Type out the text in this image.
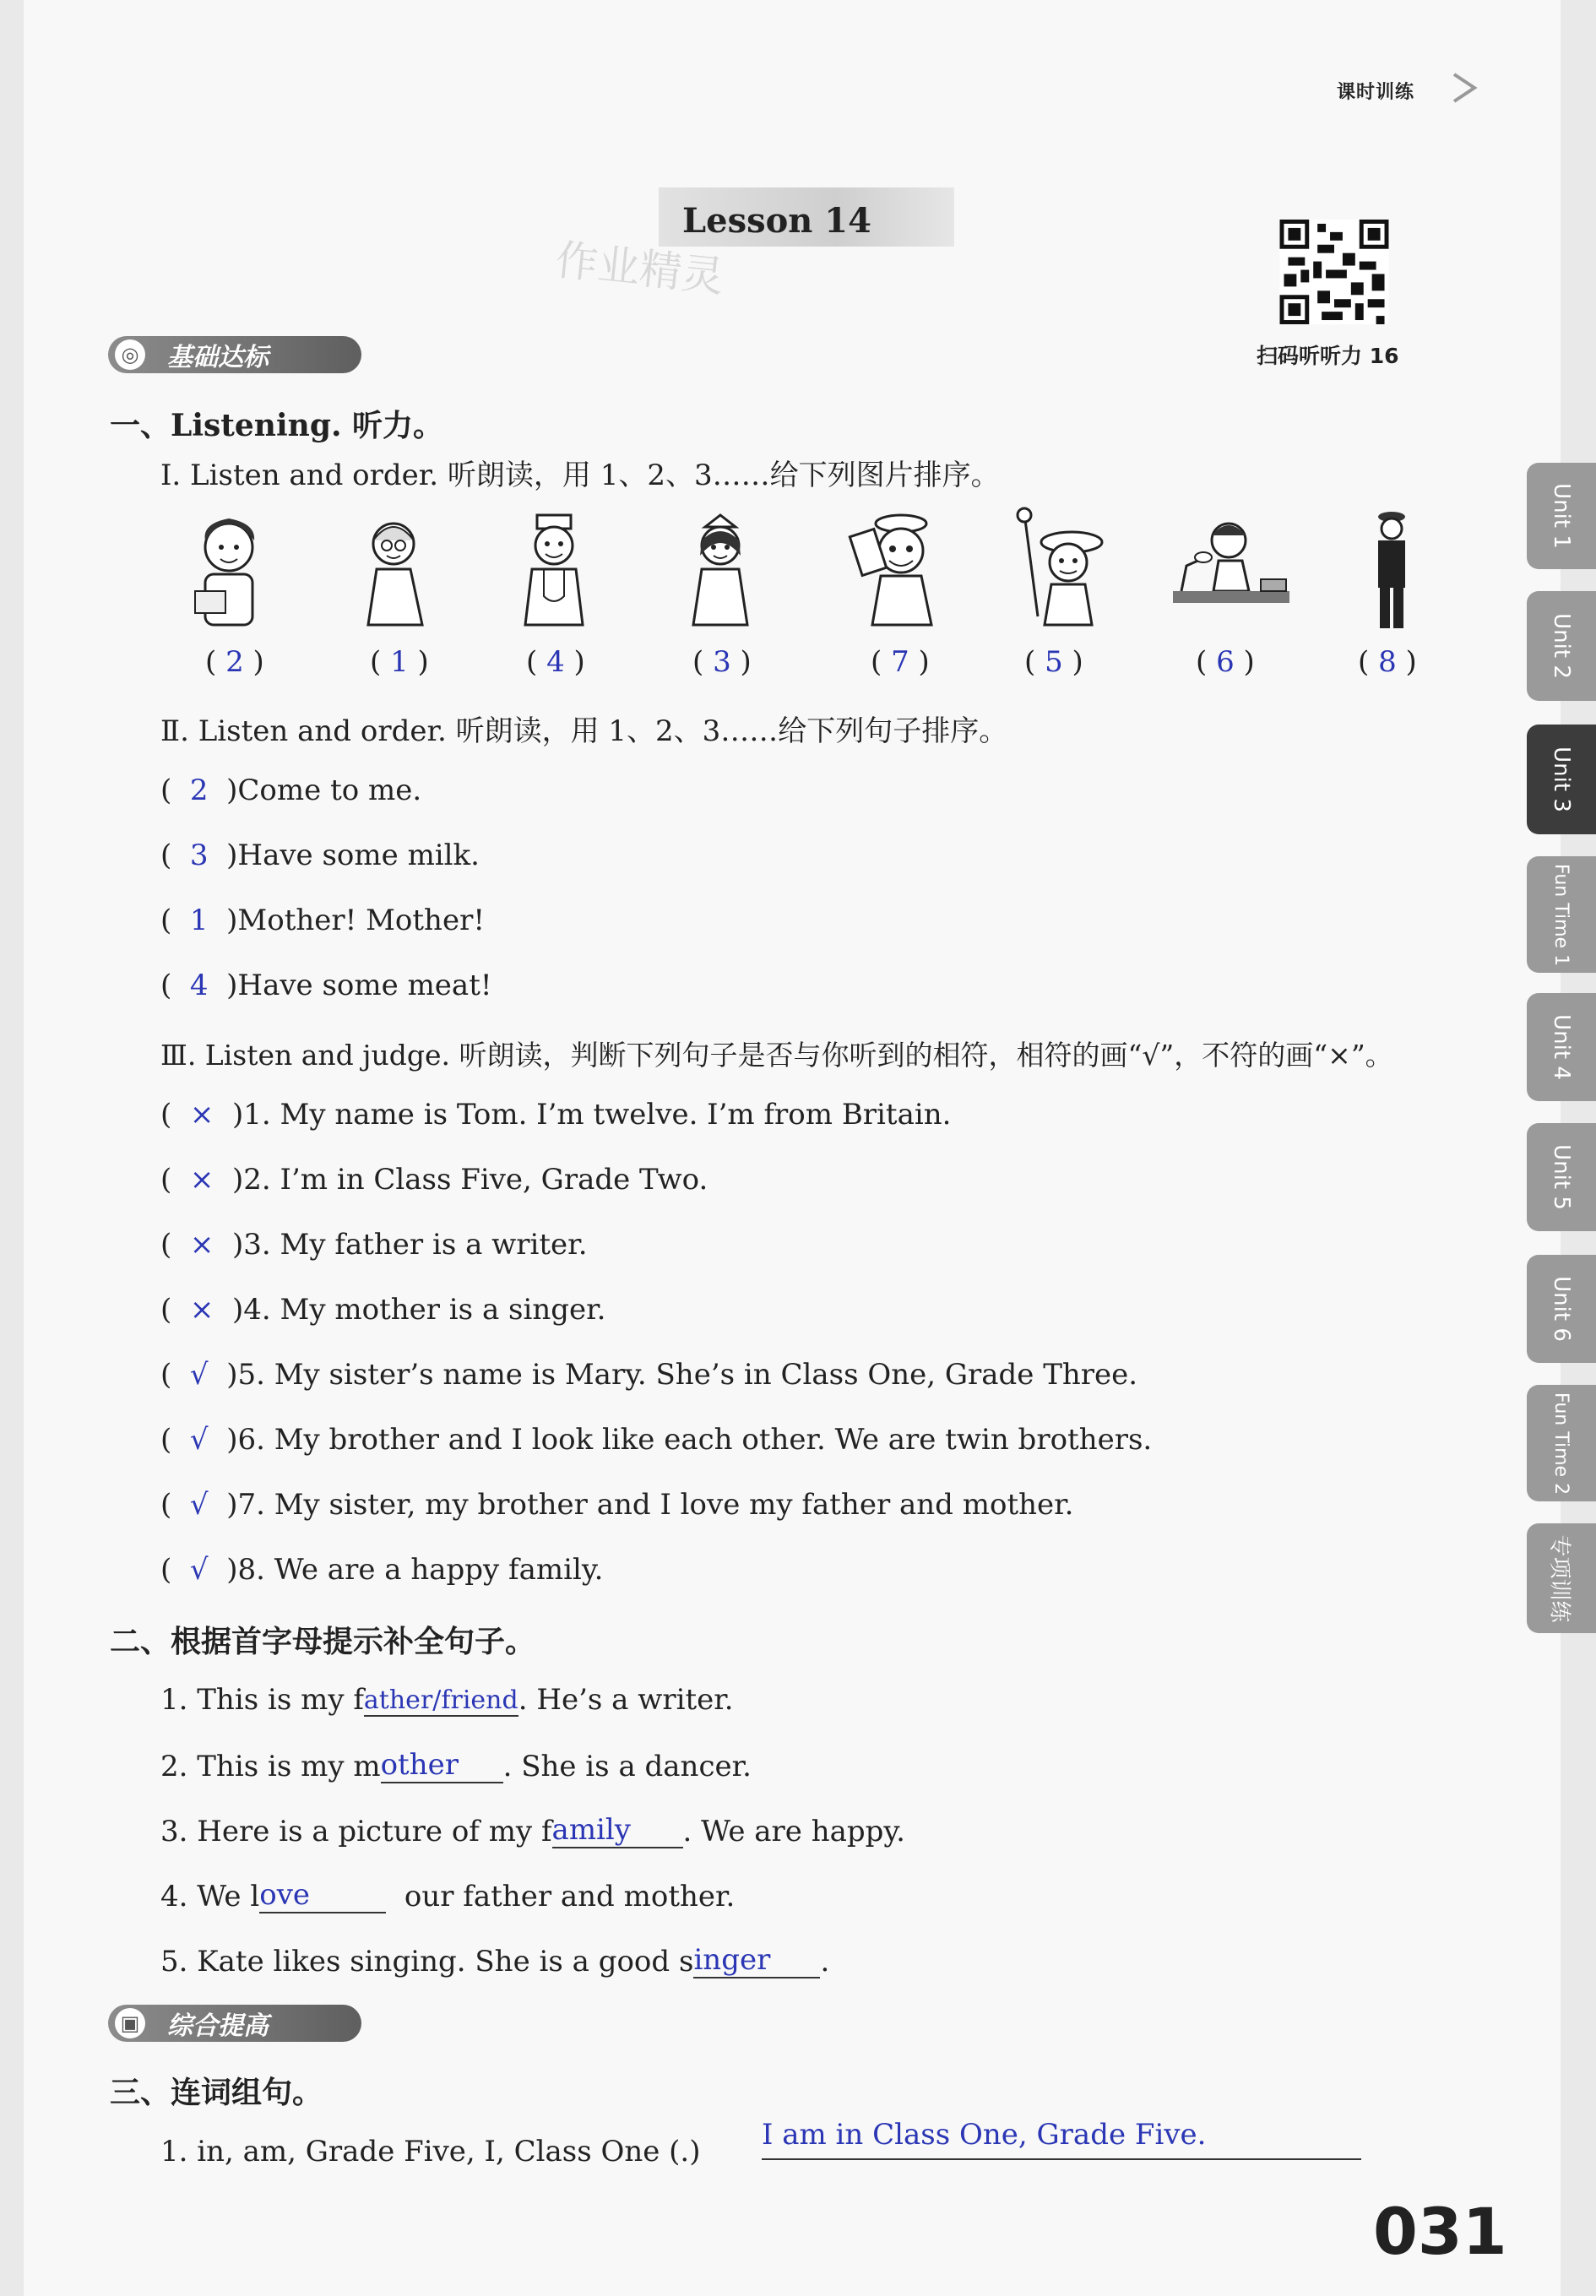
课时训练
Lesson 14
作业精灵
扫码听听力 16
◎ 基础达标
一、Listening. 听力。
Ⅰ. Listen and order. 听朗读，用 1、2、3……给下列图片排序。
( 2 )	( 1 )	( 4 )	( 3 )	( 7 )	( 5 )	( 6 )	( 8 )
Ⅱ. Listen and order. 听朗读，用 1、2、3……给下列句子排序。
(  2 )Come to me.
(  3 )Have some milk.
(  1 )Mother! Mother!
(  4 )Have some meat!
Ⅲ. Listen and judge. 听朗读，判断下列句子是否与你听到的相符，相符的画“√”，不符的画“×”。
(  × )1. My name is Tom. I’m twelve. I’m from Britain.
(  × )2. I’m in Class Five, Grade Two.
(  × )3. My father is a writer.
(  × )4. My mother is a singer.
(  √ )5. My sister’s name is Mary. She’s in Class One, Grade Three.
(  √ )6. My brother and I look like each other. We are twin brothers.
(  √ )7. My sister, my brother and I love my father and mother.
(  √ )8. We are a happy family.
二、根据首字母提示补全句子。
1. This is my father/friend. He’s a writer.
2. This is my mother . She is a dancer.
3. Here is a picture of my family . We are happy.
4. We love	our father and mother.
5. Kate likes singing. She is a good singer .
▣ 综合提高
三、连词组句。
1. in, am, Grade Five, I, Class One (.) I am in Class One, Grade Five.
031
Unit 1
Unit 2
Unit 3
Fun Time 1
Unit 4
Unit 5
Unit 6
Fun Time 2
专项训练
